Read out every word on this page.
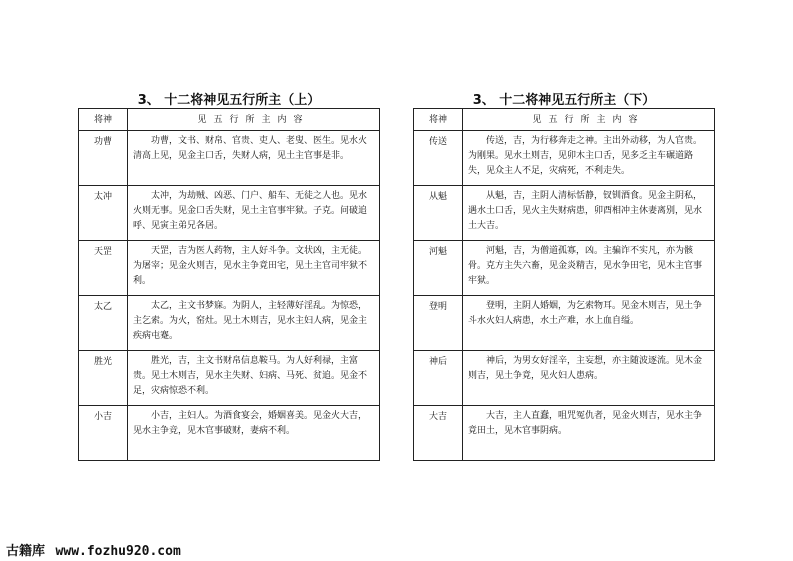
3、 十二将神见五行所主（上）	3、 十二将神见五行所主（下）
将神	见五行所主内容
功曹	功曹，文书、财帛、官贵、吏人、老叟、医生。见水火清高上见，见金主口舌，失财人病，见土主官事是非。
太冲	太冲，为劫贼、凶恶、门户、船车、无徒之人也。见水火则无事。见金口舌失财，见土主官事牢狱。子克。问破追呼、见寅主弟兄各居。
天罡	天罡，吉为医人药物，主人好斗争。文状凶，主无徒。为屠宰；见金火则吉，见水主争竟田宅，见土主官司牢狱不利。
太乙	太乙，主文书梦寐。为阴人，主轻薄好淫乱。为惊恐，主乞索。为火，窑灶。见土木则吉，见水主妇人病，见金主疾病屯蹇。
胜光	胜光，吉，主文书财帛信息鞍马。为人好利禄，主富贵。见土木则吉，见水主失财、妇病、马死、贫追。见金不足，灾病惊恐不利。
小吉	小吉，主妇人。为酒食宴会，婚姻喜美。见金火大吉，见水主争竞，见木官事破财，妻病不利。
将神	见五行所主内容
传送	传送，吉，为行移奔走之神。主出外动移，为人官贵。为刚果。见水土则吉，见卯木主口舌，见多乏主车碾道路失，见众主人不足，灾病死，不利走失。
从魁	从魁，吉，主阴人清标恬静，钗钏酒食。见金主阴私，遇水土口舌，见火主失财病患，卯酉相冲主休妻离别，见水土大吉。
河魁	河魁，吉，为僧道孤寡，凶。主骗诈不实凡，亦为骸骨。克方主失六畜，见金炎精吉，见水争田宅，见木主官事牢狱。
登明	登明，主阴人婚姻，为乞索物耳。见金木则吉，见土争斗水火妇人病患，水土产难，水上血自缢。
神后	神后，为男女好淫辛，主妄想，亦主随波逐流。见木金则吉，见土争竟，见火妇人患病。
大吉	大吉，主人直蠢，咀咒冤仇者，见金火则吉，见水主争竟田土，见木官事阴病。
古籍库 www.fozhu920.com
